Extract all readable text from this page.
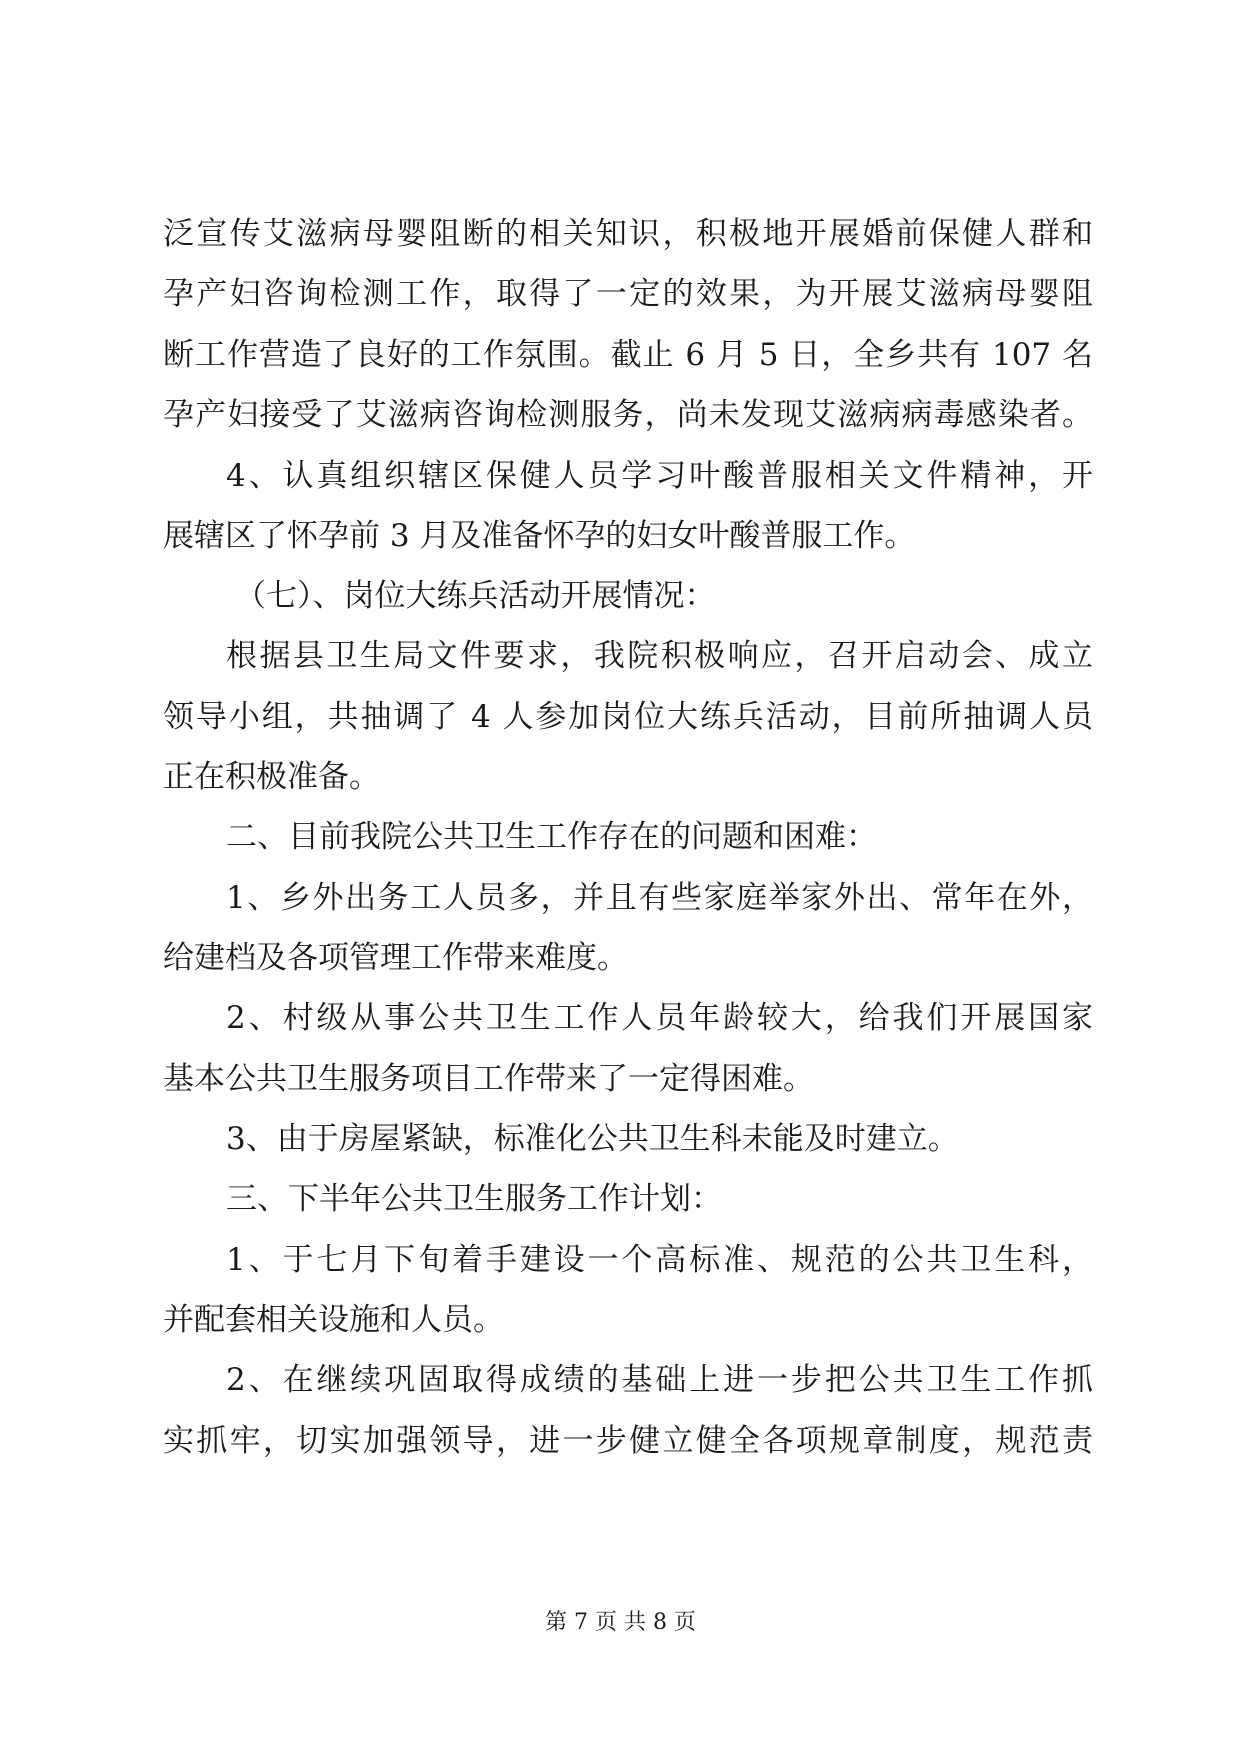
泛宣传艾滋病母婴阻断的相关知识，积极地开展婚前保健人群和
孕产妇咨询检测工作，取得了一定的效果，为开展艾滋病母婴阻
断工作营造了良好的工作氛围。截止 6 月 5 日，全乡共有 107 名
孕产妇接受了艾滋病咨询检测服务，尚未发现艾滋病病毒感染者。
4、认真组织辖区保健人员学习叶酸普服相关文件精神，开
展辖区了怀孕前 3 月及准备怀孕的妇女叶酸普服工作。
（七）、岗位大练兵活动开展情况：
根据县卫生局文件要求，我院积极响应，召开启动会、成立
领导小组，共抽调了 4 人参加岗位大练兵活动，目前所抽调人员
正在积极准备。
二、目前我院公共卫生工作存在的问题和困难：
1、乡外出务工人员多，并且有些家庭举家外出、常年在外，
给建档及各项管理工作带来难度。
2、村级从事公共卫生工作人员年龄较大，给我们开展国家
基本公共卫生服务项目工作带来了一定得困难。
3、由于房屋紧缺，标准化公共卫生科未能及时建立。
三、下半年公共卫生服务工作计划：
1、于七月下旬着手建设一个高标准、规范的公共卫生科，
并配套相关设施和人员。
2、在继续巩固取得成绩的基础上进一步把公共卫生工作抓
实抓牢，切实加强领导，进一步健立健全各项规章制度，规范责
第 7 页 共 8 页
